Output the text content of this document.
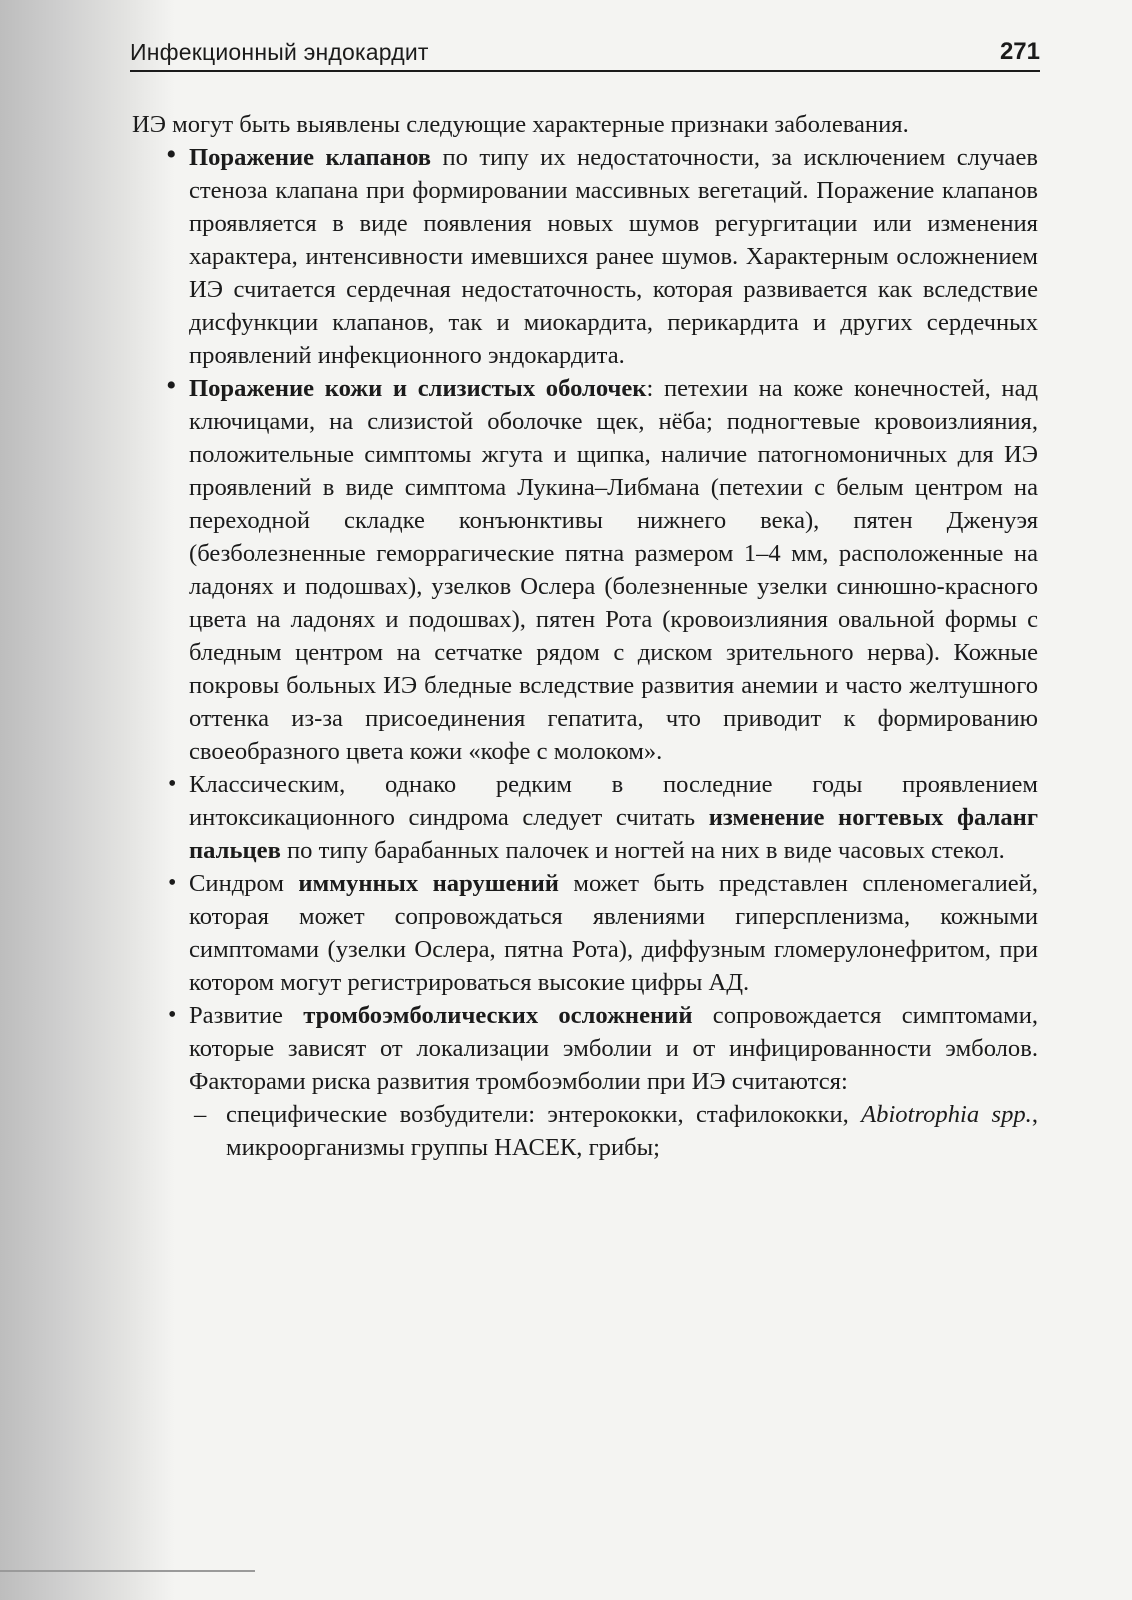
Инфекционный эндокардит	271

ИЭ могут быть выявлены следующие характерные признаки заболевания.

• Поражение клапанов по типу их недостаточности, за исключением случаев стеноза клапана при формировании массивных вегетаций. Поражение клапанов проявляется в виде появления новых шумов регургитации или изменения характера, интенсивности имевшихся ранее шумов. Характерным осложнением ИЭ считается сердечная недостаточность, которая развивается как вследствие дисфункции клапанов, так и миокардита, перикардита и других сердечных проявлений инфекционного эндокардита.

• Поражение кожи и слизистых оболочек: петехии на коже конечностей, над ключицами, на слизистой оболочке щек, нёба; подногтевые кровоизлияния, положительные симптомы жгута и щипка, наличие патогномоничных для ИЭ проявлений в виде симптома Лукина–Либмана (петехии с белым центром на переходной складке конъюнктивы нижнего века), пятен Дженуэя (безболезненные геморрагические пятна размером 1–4 мм, расположенные на ладонях и подошвах), узелков Ослера (болезненные узелки синюшно-красного цвета на ладонях и подошвах), пятен Рота (кровоизлияния овальной формы с бледным центром на сетчатке рядом с диском зрительного нерва). Кожные покровы больных ИЭ бледные вследствие развития анемии и часто желтушного оттенка из-за присоединения гепатита, что приводит к формированию своеобразного цвета кожи «кофе с молоком».

• Классическим, однако редким в последние годы проявлением интоксикационного синдрома следует считать изменение ногтевых фаланг пальцев по типу барабанных палочек и ногтей на них в виде часовых стекол.

• Синдром иммунных нарушений может быть представлен спленомегалией, которая может сопровождаться явлениями гиперспленизма, кожными симптомами (узелки Ослера, пятна Рота), диффузным гломерулонефритом, при котором могут регистрироваться высокие цифры АД.

• Развитие тромбоэмболических осложнений сопровождается симптомами, которые зависят от локализации эмболии и от инфицированности эмболов. Факторами риска развития тромбоэмболии при ИЭ считаются:

– специфические возбудители: энтерококки, стафилококки, Abiotrophia spp., микроорганизмы группы НАСЕК, грибы;
